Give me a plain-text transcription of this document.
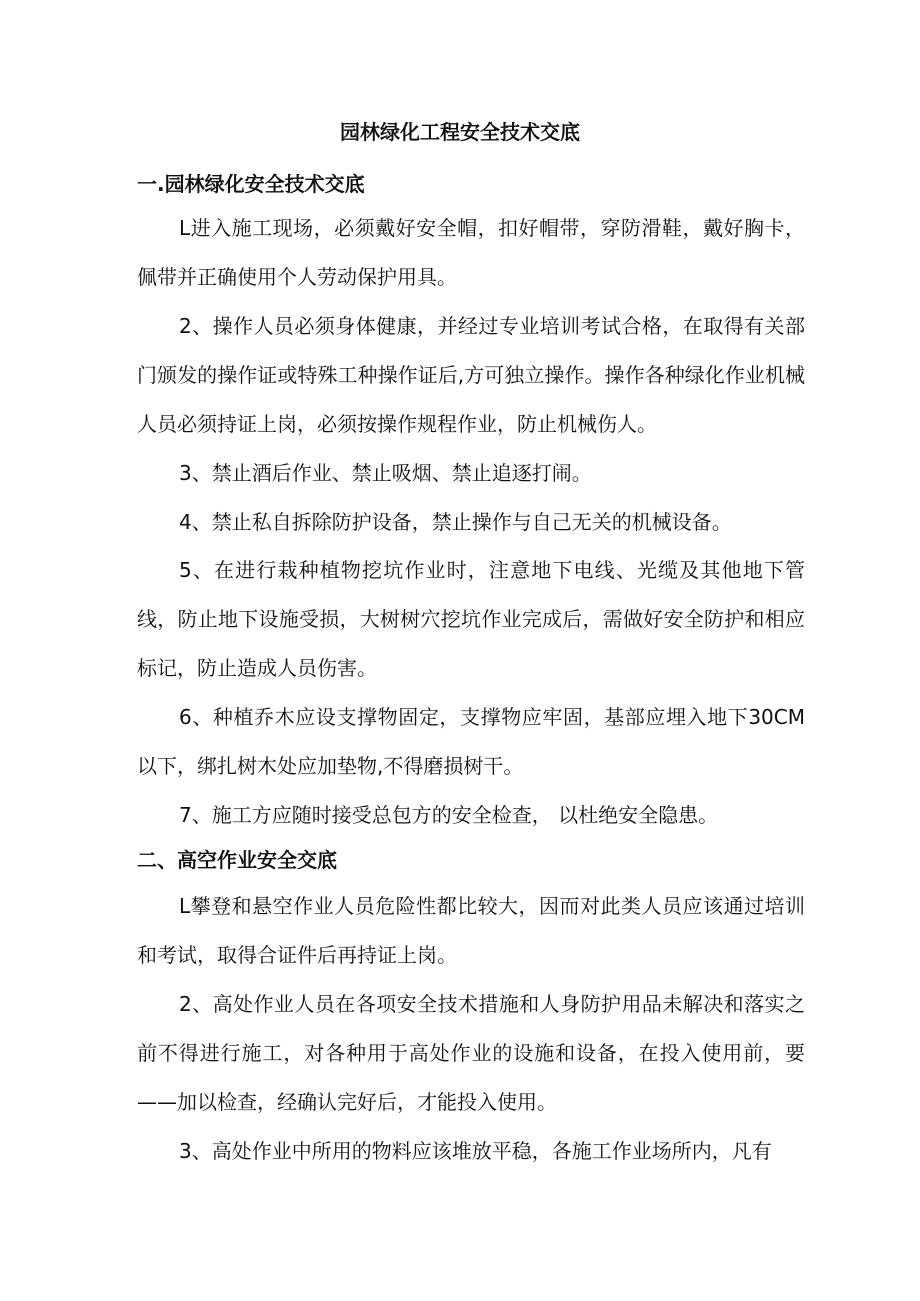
园林绿化工程安全技术交底
一.园林绿化安全技术交底

L进入施工现场，必须戴好安全帽，扣好帽带，穿防滑鞋，戴好胸卡，佩带并正确使用个人劳动保护用具。

2、操作人员必须身体健康，并经过专业培训考试合格，在取得有关部门颁发的操作证或特殊工种操作证后,方可独立操作。操作各种绿化作业机械人员必须持证上岗，必须按操作规程作业，防止机械伤人。

3、禁止酒后作业、禁止吸烟、禁止追逐打闹。

4、禁止私自拆除防护设备，禁止操作与自己无关的机械设备。

5、在进行栽种植物挖坑作业时，注意地下电线、光缆及其他地下管线，防止地下设施受损，大树树穴挖坑作业完成后，需做好安全防护和相应标记，防止造成人员伤害。

6、种植乔木应设支撑物固定，支撑物应牢固，基部应埋入地下30CM以下，绑扎树木处应加垫物,不得磨损树干。

7、施工方应随时接受总包方的安全检查， 以杜绝安全隐患。

二、高空作业安全交底

L攀登和悬空作业人员危险性都比较大，因而对此类人员应该通过培训和考试，取得合证件后再持证上岗。

2、高处作业人员在各项安全技术措施和人身防护用品未解决和落实之前不得进行施工，对各种用于高处作业的设施和设备，在投入使用前，要——加以检查，经确认完好后，才能投入使用。

3、高处作业中所用的物料应该堆放平稳，各施工作业场所内，凡有
